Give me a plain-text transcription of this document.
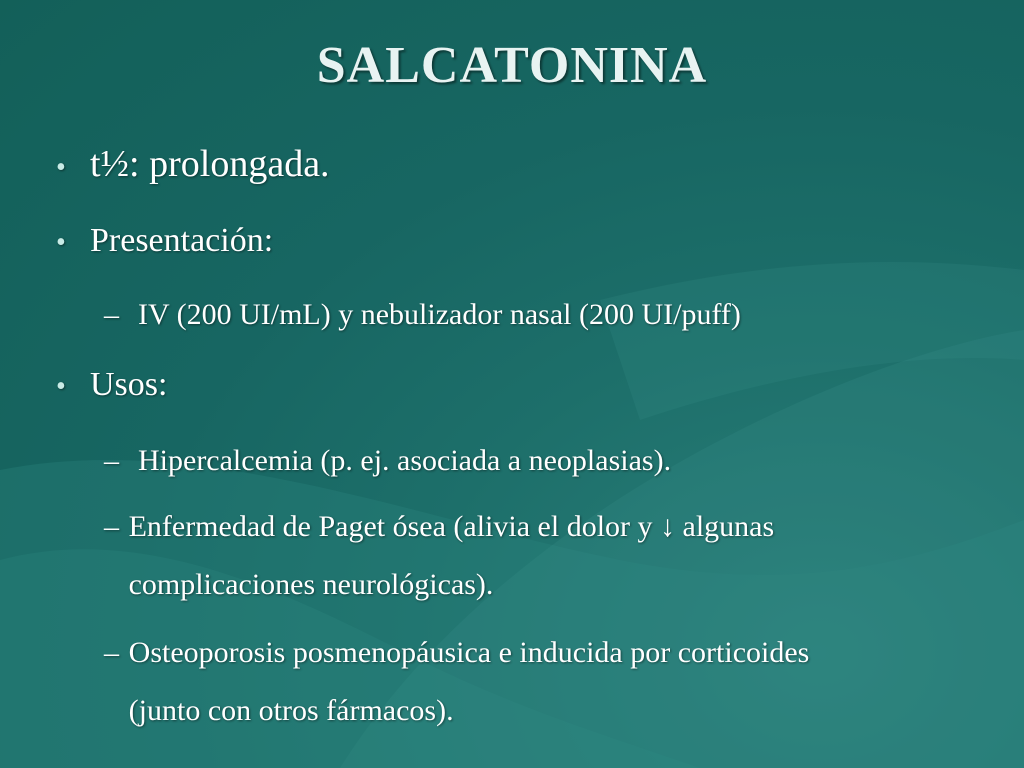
SALCATONINA
• t½: prolongada.
• Presentación:
– IV (200 UI/mL) y nebulizador nasal (200 UI/puff)
• Usos:
– Hipercalcemia (p. ej. asociada a neoplasias).
– Enfermedad de Paget ósea (alivia el dolor y ↓ algunas complicaciones neurológicas).
– Osteoporosis posmenopáusica e inducida por corticoides (junto con otros fármacos).
